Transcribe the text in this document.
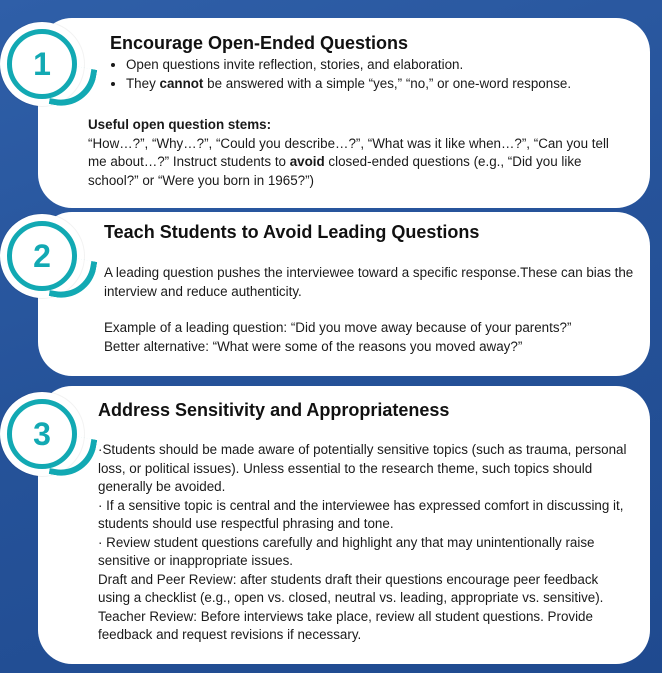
Encourage Open-Ended Questions
• Open questions invite reflection, stories, and elaboration.
• They cannot be answered with a simple “yes,” “no,” or one-word response.

Useful open question stems:

“How…?”, “Why…?”, “Could you describe…?”, “What was it like when…?”, “Can you tell me about…?” Instruct students to avoid closed-ended questions (e.g., “Did you like school?” or “Were you born in 1965?”)

Teach Students to Avoid Leading Questions

A leading question pushes the interviewee toward a specific response.These can bias the interview and reduce authenticity.

Example of a leading question: “Did you move away because of your parents?”

Better alternative: “What were some of the reasons you moved away?”

Address Sensitivity and Appropriateness

·Students should be made aware of potentially sensitive topics (such as trauma, personal loss, or political issues). Unless essential to the research theme, such topics should generally be avoided.

· If a sensitive topic is central and the interviewee has expressed comfort in discussing it, students should use respectful phrasing and tone.

· Review student questions carefully and highlight any that may unintentionally raise sensitive or inappropriate issues.

Draft and Peer Review: after students draft their questions encourage peer feedback using a checklist (e.g., open vs. closed, neutral vs. leading, appropriate vs. sensitive).

Teacher Review: Before interviews take place, review all student questions. Provide feedback and request revisions if necessary.

1
2
3
